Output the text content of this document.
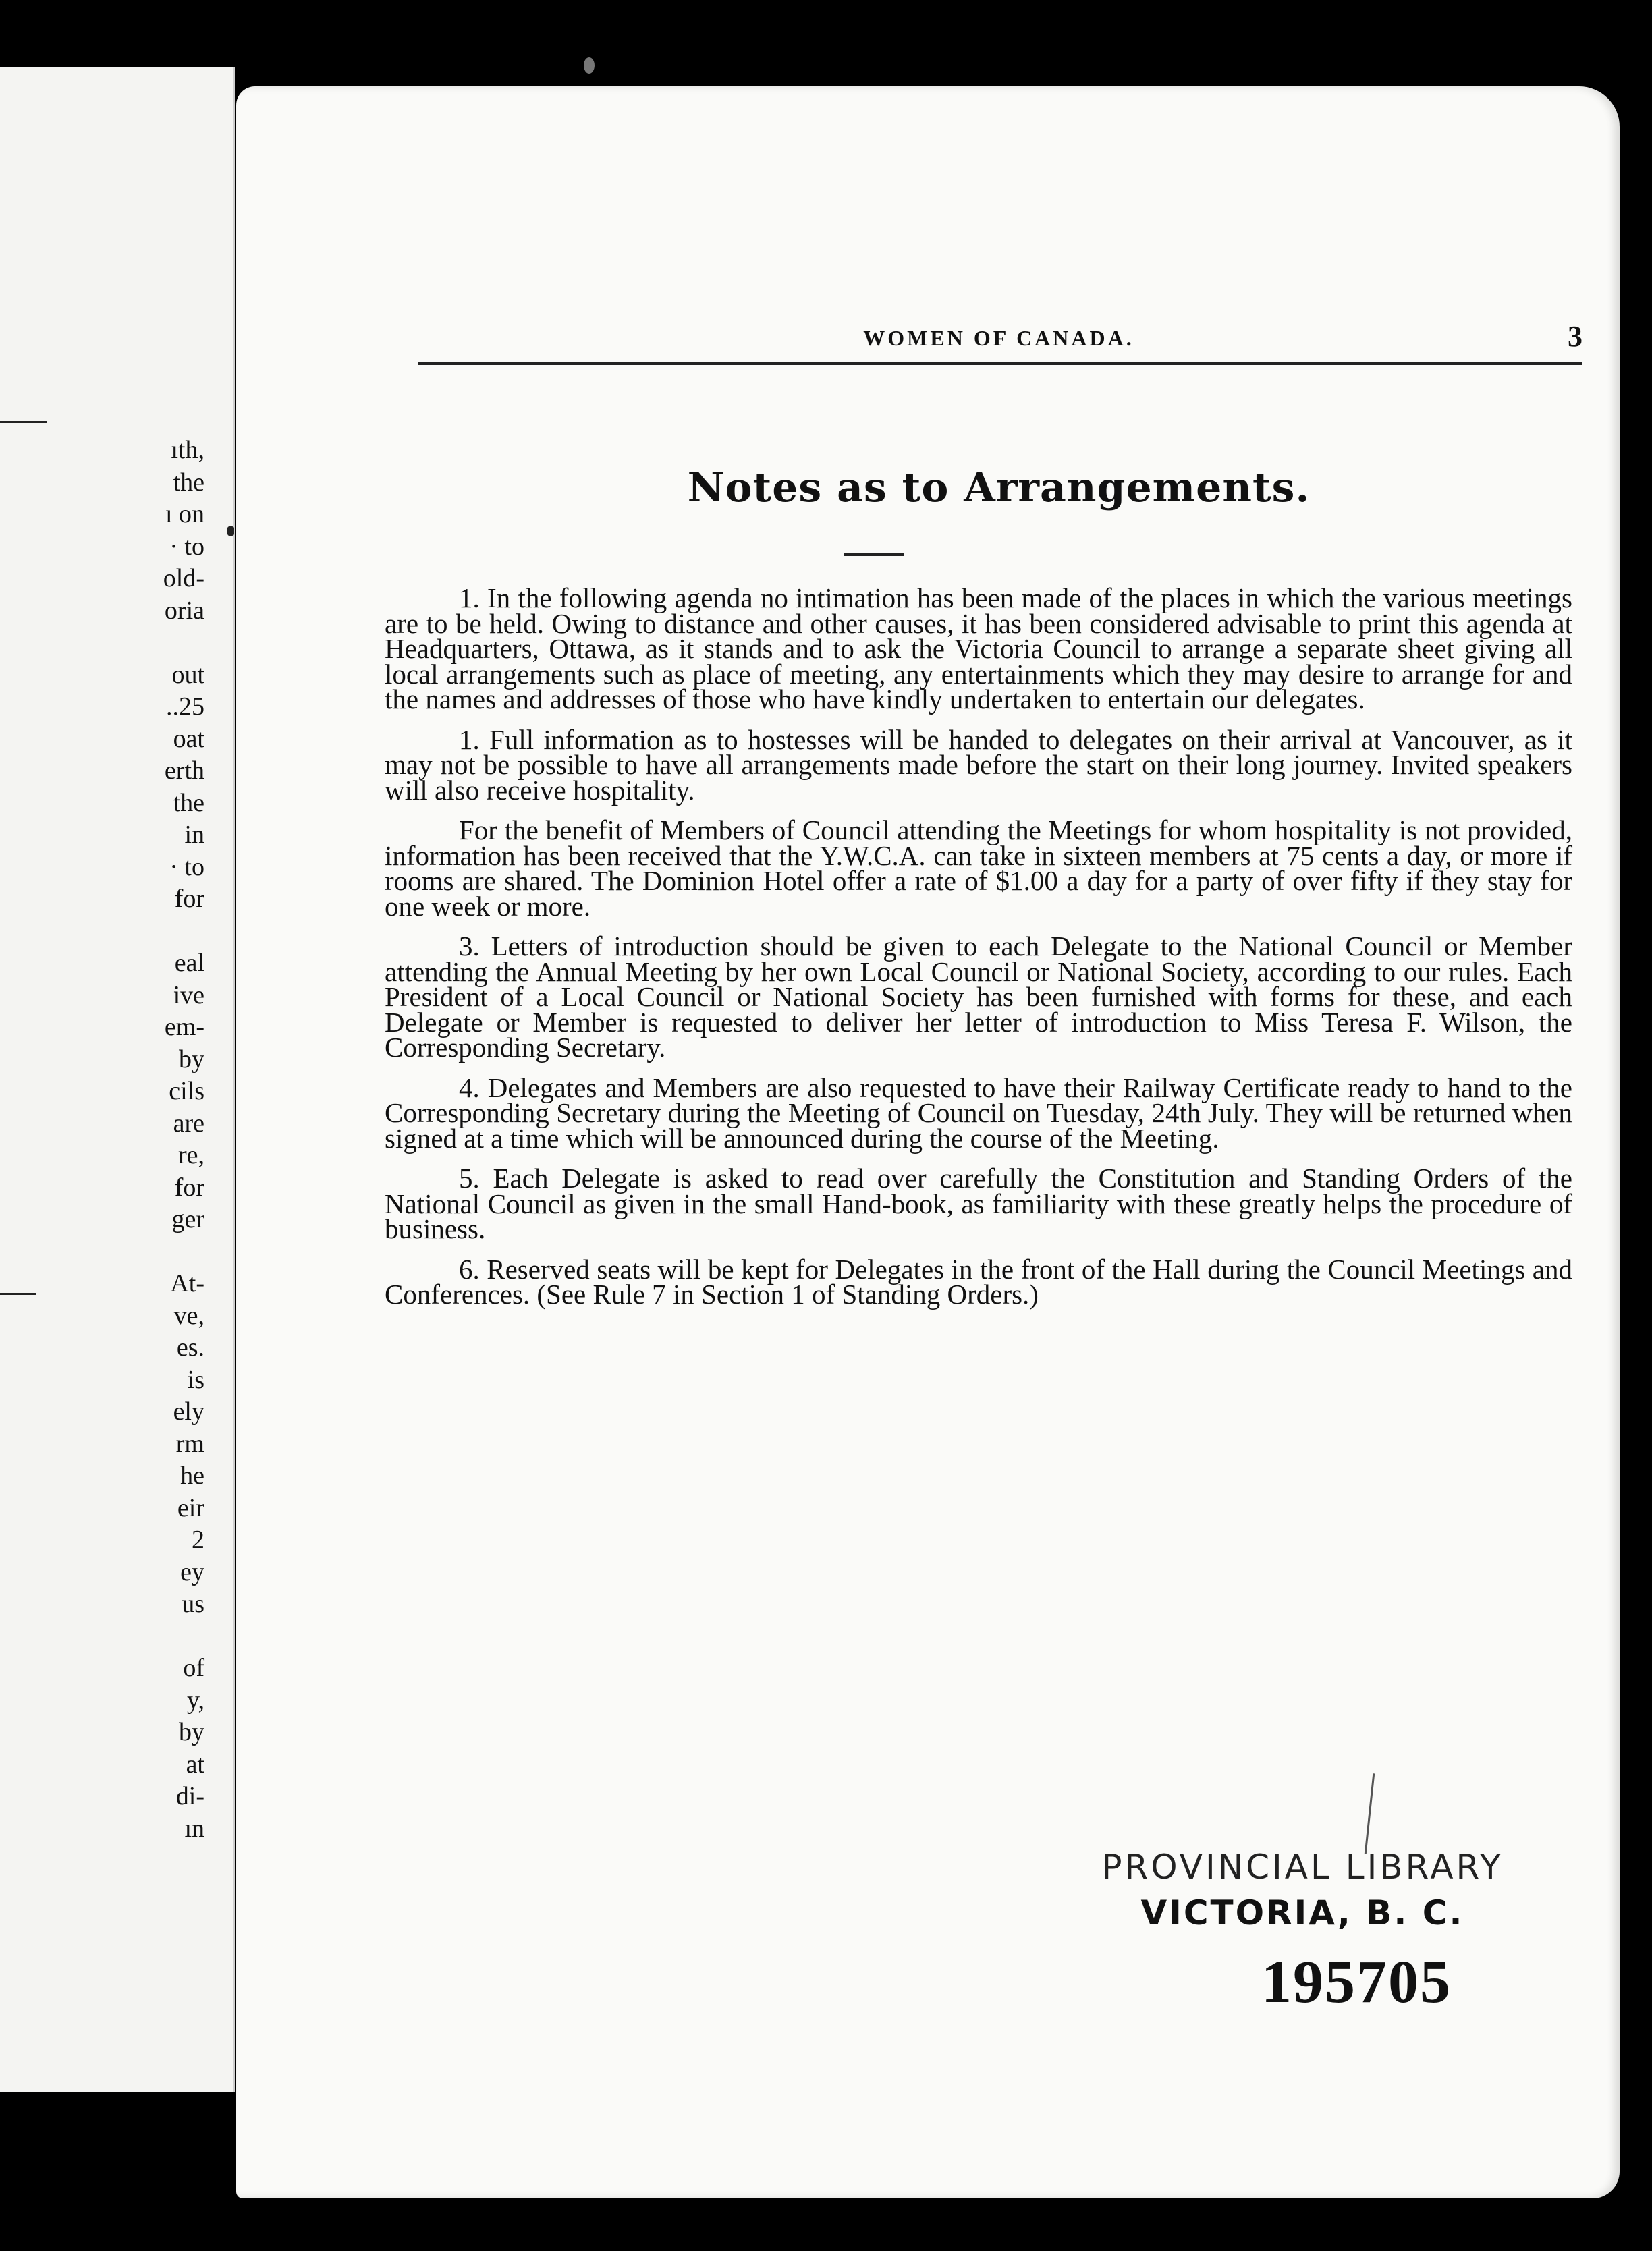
ıth,
the
ı on
· to
old-
oria
out
..25
oat
erth
the
in
· to
for
eal
ive
em-
by
cils
are
re,
for
ger
At-
ve,
es.
is
ely
rm
he
eir
2
ey
us
of
y,
by
at
di-
ın
WOMEN OF CANADA.	3
Notes as to Arrangements.

1. In the following agenda no intimation has been made of the places in which the various meetings are to be held. Owing to distance and other causes, it has been considered advisable to print this agenda at Headquarters, Ottawa, as it stands and to ask the Victoria Council to arrange a separate sheet giving all local arrangements such as place of meeting, any entertainments which they may desire to arrange for and the names and addresses of those who have kindly undertaken to entertain our delegates.

1. Full information as to hostesses will be handed to delegates on their arrival at Vancouver, as it may not be possible to have all arrangements made before the start on their long journey. Invited speakers will also receive hospitality.

For the benefit of Members of Council attending the Meetings for whom hospitality is not provided, information has been received that the Y.W.C.A. can take in sixteen members at 75 cents a day, or more if rooms are shared. The Dominion Hotel offer a rate of $1.00 a day for a party of over fifty if they stay for one week or more.

3. Letters of introduction should be given to each Delegate to the National Council or Member attending the Annual Meeting by her own Local Council or National Society, according to our rules. Each President of a Local Council or National Society has been furnished with forms for these, and each Delegate or Member is requested to deliver her letter of introduction to Miss Teresa F. Wilson, the Corresponding Secretary.

4. Delegates and Members are also requested to have their Railway Certificate ready to hand to the Corresponding Secretary during the Meeting of Council on Tuesday, 24th July. They will be returned when signed at a time which will be announced during the course of the Meeting.

5. Each Delegate is asked to read over carefully the Constitution and Standing Orders of the National Council as given in the small Hand-book, as familiarity with these greatly helps the procedure of business.

6. Reserved seats will be kept for Delegates in the front of the Hall during the Council Meetings and Conferences. (See Rule 7 in Section 1 of Standing Orders.)

PROVINCIAL LIBRARY
VICTORIA, B. C.
195705
